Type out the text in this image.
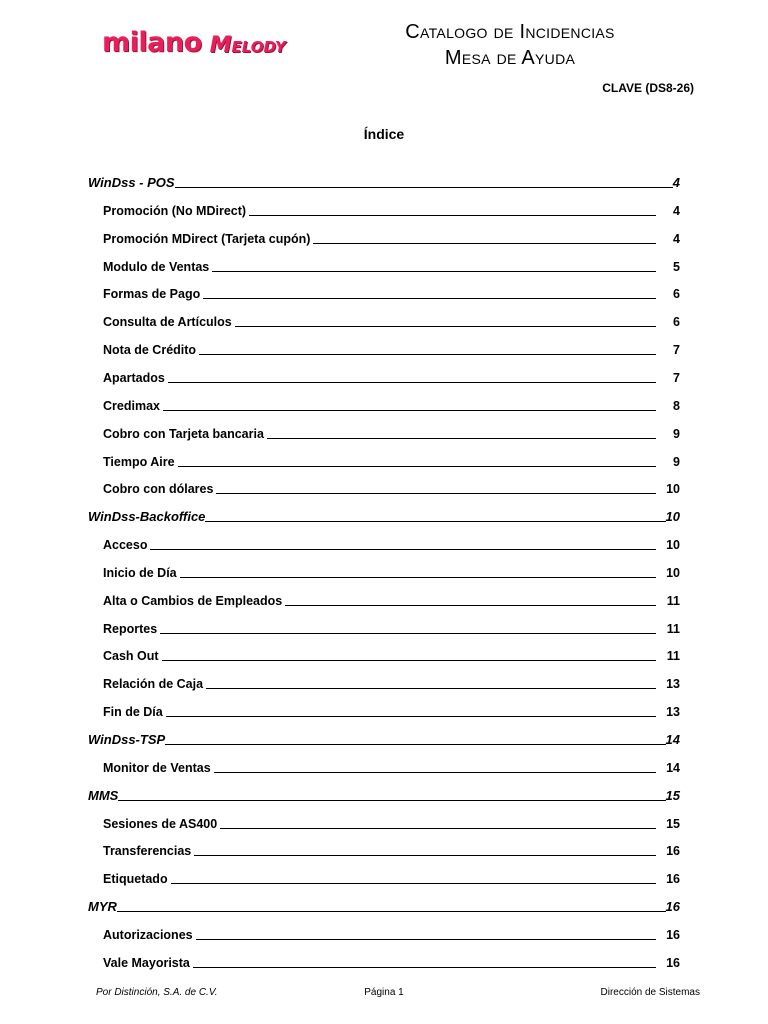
milano Melody
Catalogo de Incidencias
Mesa de Ayuda
CLAVE (DS8-26)
Índice
WinDss - POS	4
Promoción (No MDirect)	4
Promoción MDirect (Tarjeta cupón)	4
Modulo de Ventas	5
Formas de Pago	6
Consulta de Artículos	6
Nota de Crédito	7
Apartados	7
Credimax	8
Cobro con Tarjeta bancaria	9
Tiempo Aire	9
Cobro con dólares	10
WinDss-Backoffice	10
Acceso	10
Inicio de Día	10
Alta o Cambios de Empleados	11
Reportes	11
Cash Out	11
Relación de Caja	13
Fin de Día	13
WinDss-TSP	14
Monitor de Ventas	14
MMS	15
Sesiones de AS400	15
Transferencias	16
Etiquetado	16
MYR	16
Autorizaciones	16
Vale Mayorista	16
Por Distinción, S.A. de C.V.	Página 1	Dirección de Sistemas
